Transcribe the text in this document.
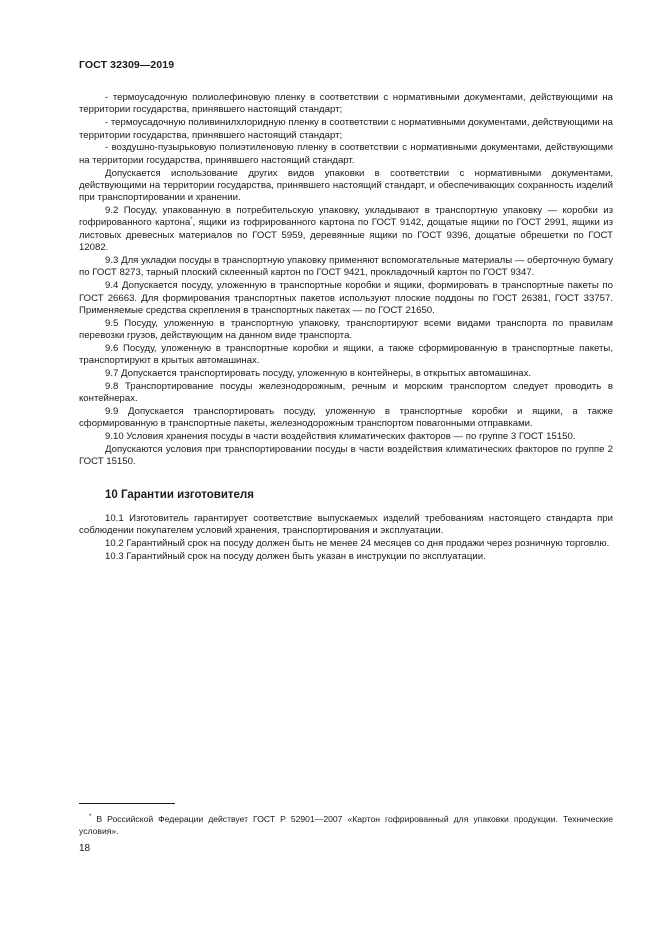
ГОСТ 32309—2019

- термоусадочную полиолефиновую пленку в соответствии с нормативными документами, действующими на территории государства, принявшего настоящий стандарт;

- термоусадочную поливинилхлоридную пленку в соответствии с нормативными документами, действующими на территории государства, принявшего настоящий стандарт;

- воздушно-пузырьковую полиэтиленовую пленку в соответствии с нормативными документами, действующими на территории государства, принявшего настоящий стандарт.

Допускается использование других видов упаковки в соответствии с нормативными документами, действующими на территории государства, принявшего настоящий стандарт, и обеспечивающих сохранность изделий при транспортировании и хранении.

9.2 Посуду, упакованную в потребительскую упаковку, укладывают в транспортную упаковку — коробки из гофрированного картона*, ящики из гофрированного картона по ГОСТ 9142, дощатые ящики по ГОСТ 2991, ящики из листовых древесных материалов по ГОСТ 5959, деревянные ящики по ГОСТ 9396, дощатые обрешетки по ГОСТ 12082.

9.3 Для укладки посуды в транспортную упаковку применяют вспомогательные материалы — оберточную бумагу по ГОСТ 8273, тарный плоский склеенный картон по ГОСТ 9421, прокладочный картон по ГОСТ 9347.

9.4 Допускается посуду, уложенную в транспортные коробки и ящики, формировать в транспортные пакеты по ГОСТ 26663. Для формирования транспортных пакетов используют плоские поддоны по ГОСТ 26381, ГОСТ 33757. Применяемые средства скрепления в транспортных пакетах — по ГОСТ 21650.

9.5 Посуду, уложенную в транспортную упаковку, транспортируют всеми видами транспорта по правилам перевозки грузов, действующим на данном виде транспорта.

9.6 Посуду, уложенную в транспортные коробки и ящики, а также сформированную в транспортные пакеты, транспортируют в крытых автомашинах.

9.7 Допускается транспортировать посуду, уложенную в контейнеры, в открытых автомашинах.

9.8 Транспортирование посуды железнодорожным, речным и морским транспортом следует проводить в контейнерах.

9.9 Допускается транспортировать посуду, уложенную в транспортные коробки и ящики, а также сформированную в транспортные пакеты, железнодорожным транспортом повагонными отправками.

9.10 Условия хранения посуды в части воздействия климатических факторов — по группе 3 ГОСТ 15150.

Допускаются условия при транспортировании посуды в части воздействия климатических факторов по группе 2 ГОСТ 15150.

10 Гарантии изготовителя

10.1 Изготовитель гарантирует соответствие выпускаемых изделий требованиям настоящего стандарта при соблюдении покупателем условий хранения, транспортирования и эксплуатации.

10.2 Гарантийный срок на посуду должен быть не менее 24 месяцев со дня продажи через розничную торговлю.

10.3 Гарантийный срок на посуду должен быть указан в инструкции по эксплуатации.

* В Российской Федерации действует ГОСТ Р 52901—2007 «Картон гофрированный для упаковки продукции. Технические условия».
18
